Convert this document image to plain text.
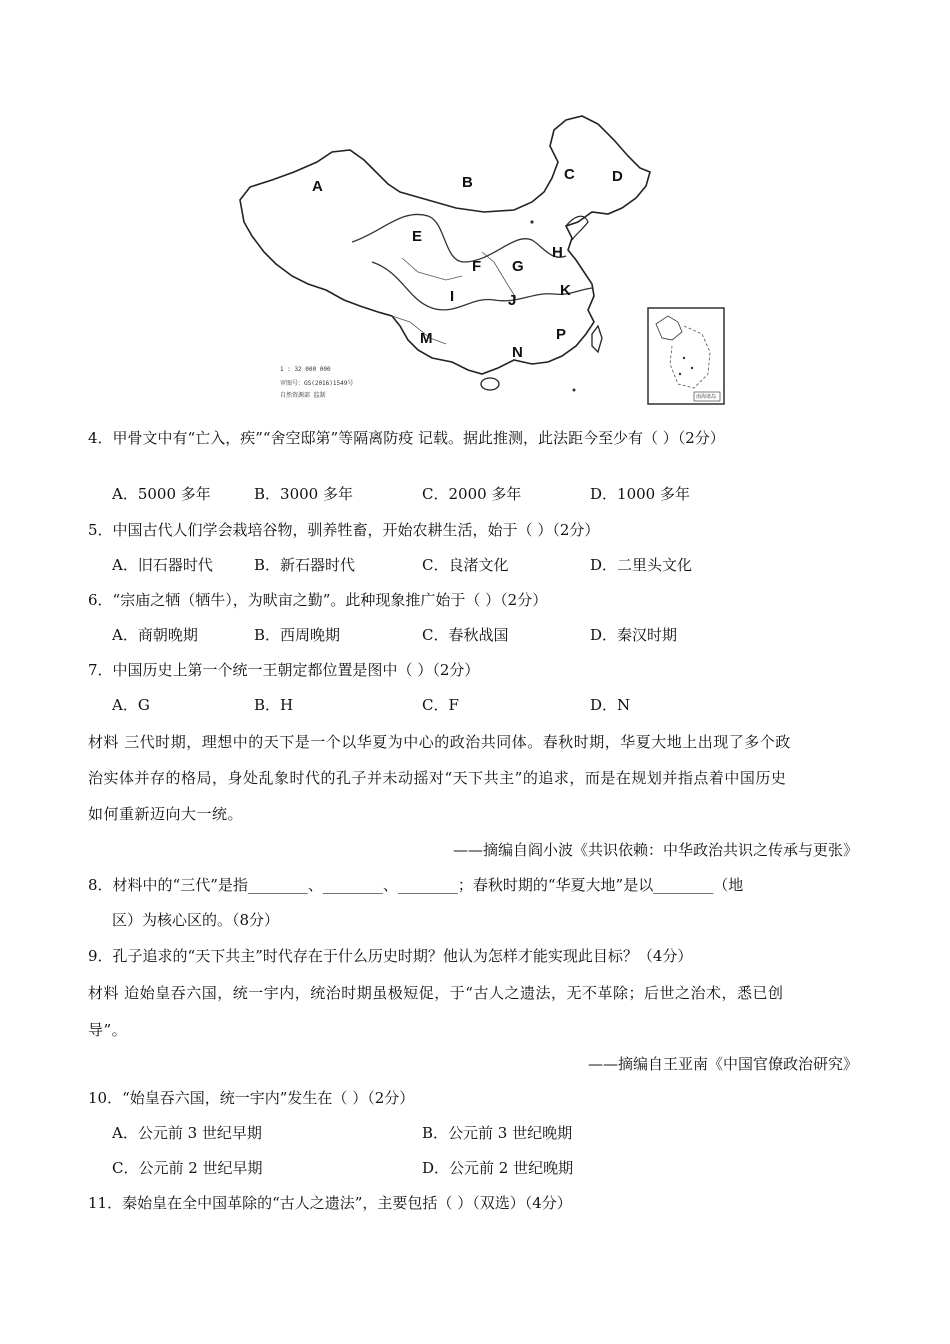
A	B	C D
E
F G
H
I	J
K
M
N
P
1 : 32 000 000
审图号：GS(2016)1549号
自然资源部 监制	南海诸岛
4．甲骨文中有“亡入，疾”“舍空邸第”等隔离防疫 记载。据此推测，此法距今至少有（ ）（2分）
A．5000 多年	B．3000 多年	C．2000 多年	D．1000 多年
5．中国古代人们学会栽培谷物，驯养牲畜，开始农耕生活，始于（ ）（2分）
A．旧石器时代	B．新石器时代	C．良渚文化	D．二里头文化
6．“宗庙之牺（牺牛），为畎亩之勤”。此种现象推广始于（ ）（2分）
A．商朝晚期	B．西周晚期	C．春秋战国	D．秦汉时期
7．中国历史上第一个统一王朝定都位置是图中（ ）（2分）
A．G	B．H	C．F	D．N
材料 三代时期，理想中的天下是一个以华夏为中心的政治共同体。春秋时期，华夏大地上出现了多个政
治实体并存的格局，身处乱象时代的孔子并未动摇对“天下共主”的追求，而是在规划并指点着中国历史
如何重新迈向大一统。
——摘编自阎小波《共识依赖：中华政治共识之传承与更张》
8．材料中的“三代”是指________、________、________；春秋时期的“华夏大地”是以________（地
区）为核心区的。（8分）
9．孔子追求的“天下共主”时代存在于什么历史时期？他认为怎样才能实现此目标？（4分）
材料 迨始皇吞六国，统一宇内，统治时期虽极短促，于“古人之遗法，无不革除；后世之治术，悉已创
导”。
——摘编自王亚南《中国官僚政治研究》
10．“始皇吞六国，统一宇内”发生在（ ）（2分）
A．公元前 3 世纪早期	B．公元前 3 世纪晚期
C．公元前 2 世纪早期	D．公元前 2 世纪晚期
11．秦始皇在全中国革除的“古人之遗法”，主要包括（ ）（双选）（4分）
